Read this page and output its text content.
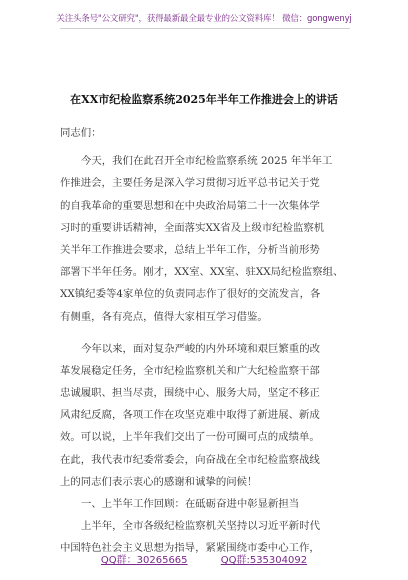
关注头条号"公文研究"，获得最新最全最专业的公文资料库！ 微信：gongwenyj
在XX市纪检监察系统2025年半年工作推进会上的讲话
同志们：
今天，我们在此召开全市纪检监察系统 2025 年半年工
作推进会，主要任务是深入学习贯彻习近平总书记关于党
的自我革命的重要思想和在中央政治局第二十一次集体学
习时的重要讲话精神，全面落实XX省及上级市纪检监察机
关半年工作推进会要求，总结上半年工作，分析当前形势
部署下半年任务。刚才，XX室、XX室、驻XX局纪检监察组、
XX镇纪委等4家单位的负责同志作了很好的交流发言，各
有侧重，各有亮点，值得大家相互学习借鉴。
今年以来，面对复杂严峻的内外环境和艰巨繁重的改
革发展稳定任务，全市纪检监察机关和广大纪检监察干部
忠诚履职、担当尽责，围绕中心、服务大局，坚定不移正
风肃纪反腐，各项工作在攻坚克难中取得了新进展、新成
效。可以说，上半年我们交出了一份可圈可点的成绩单。
在此，我代表市纪委常委会，向奋战在全市纪检监察战线
上的同志们表示衷心的感谢和诚挚的问候！
一、上半年工作回顾：在砥砺奋进中彰显新担当
上半年，全市各级纪检监察机关坚持以习近平新时代
中国特色社会主义思想为指导，紧紧围绕市委中心工作，
QQ群：30265665	QQ群:535304092
